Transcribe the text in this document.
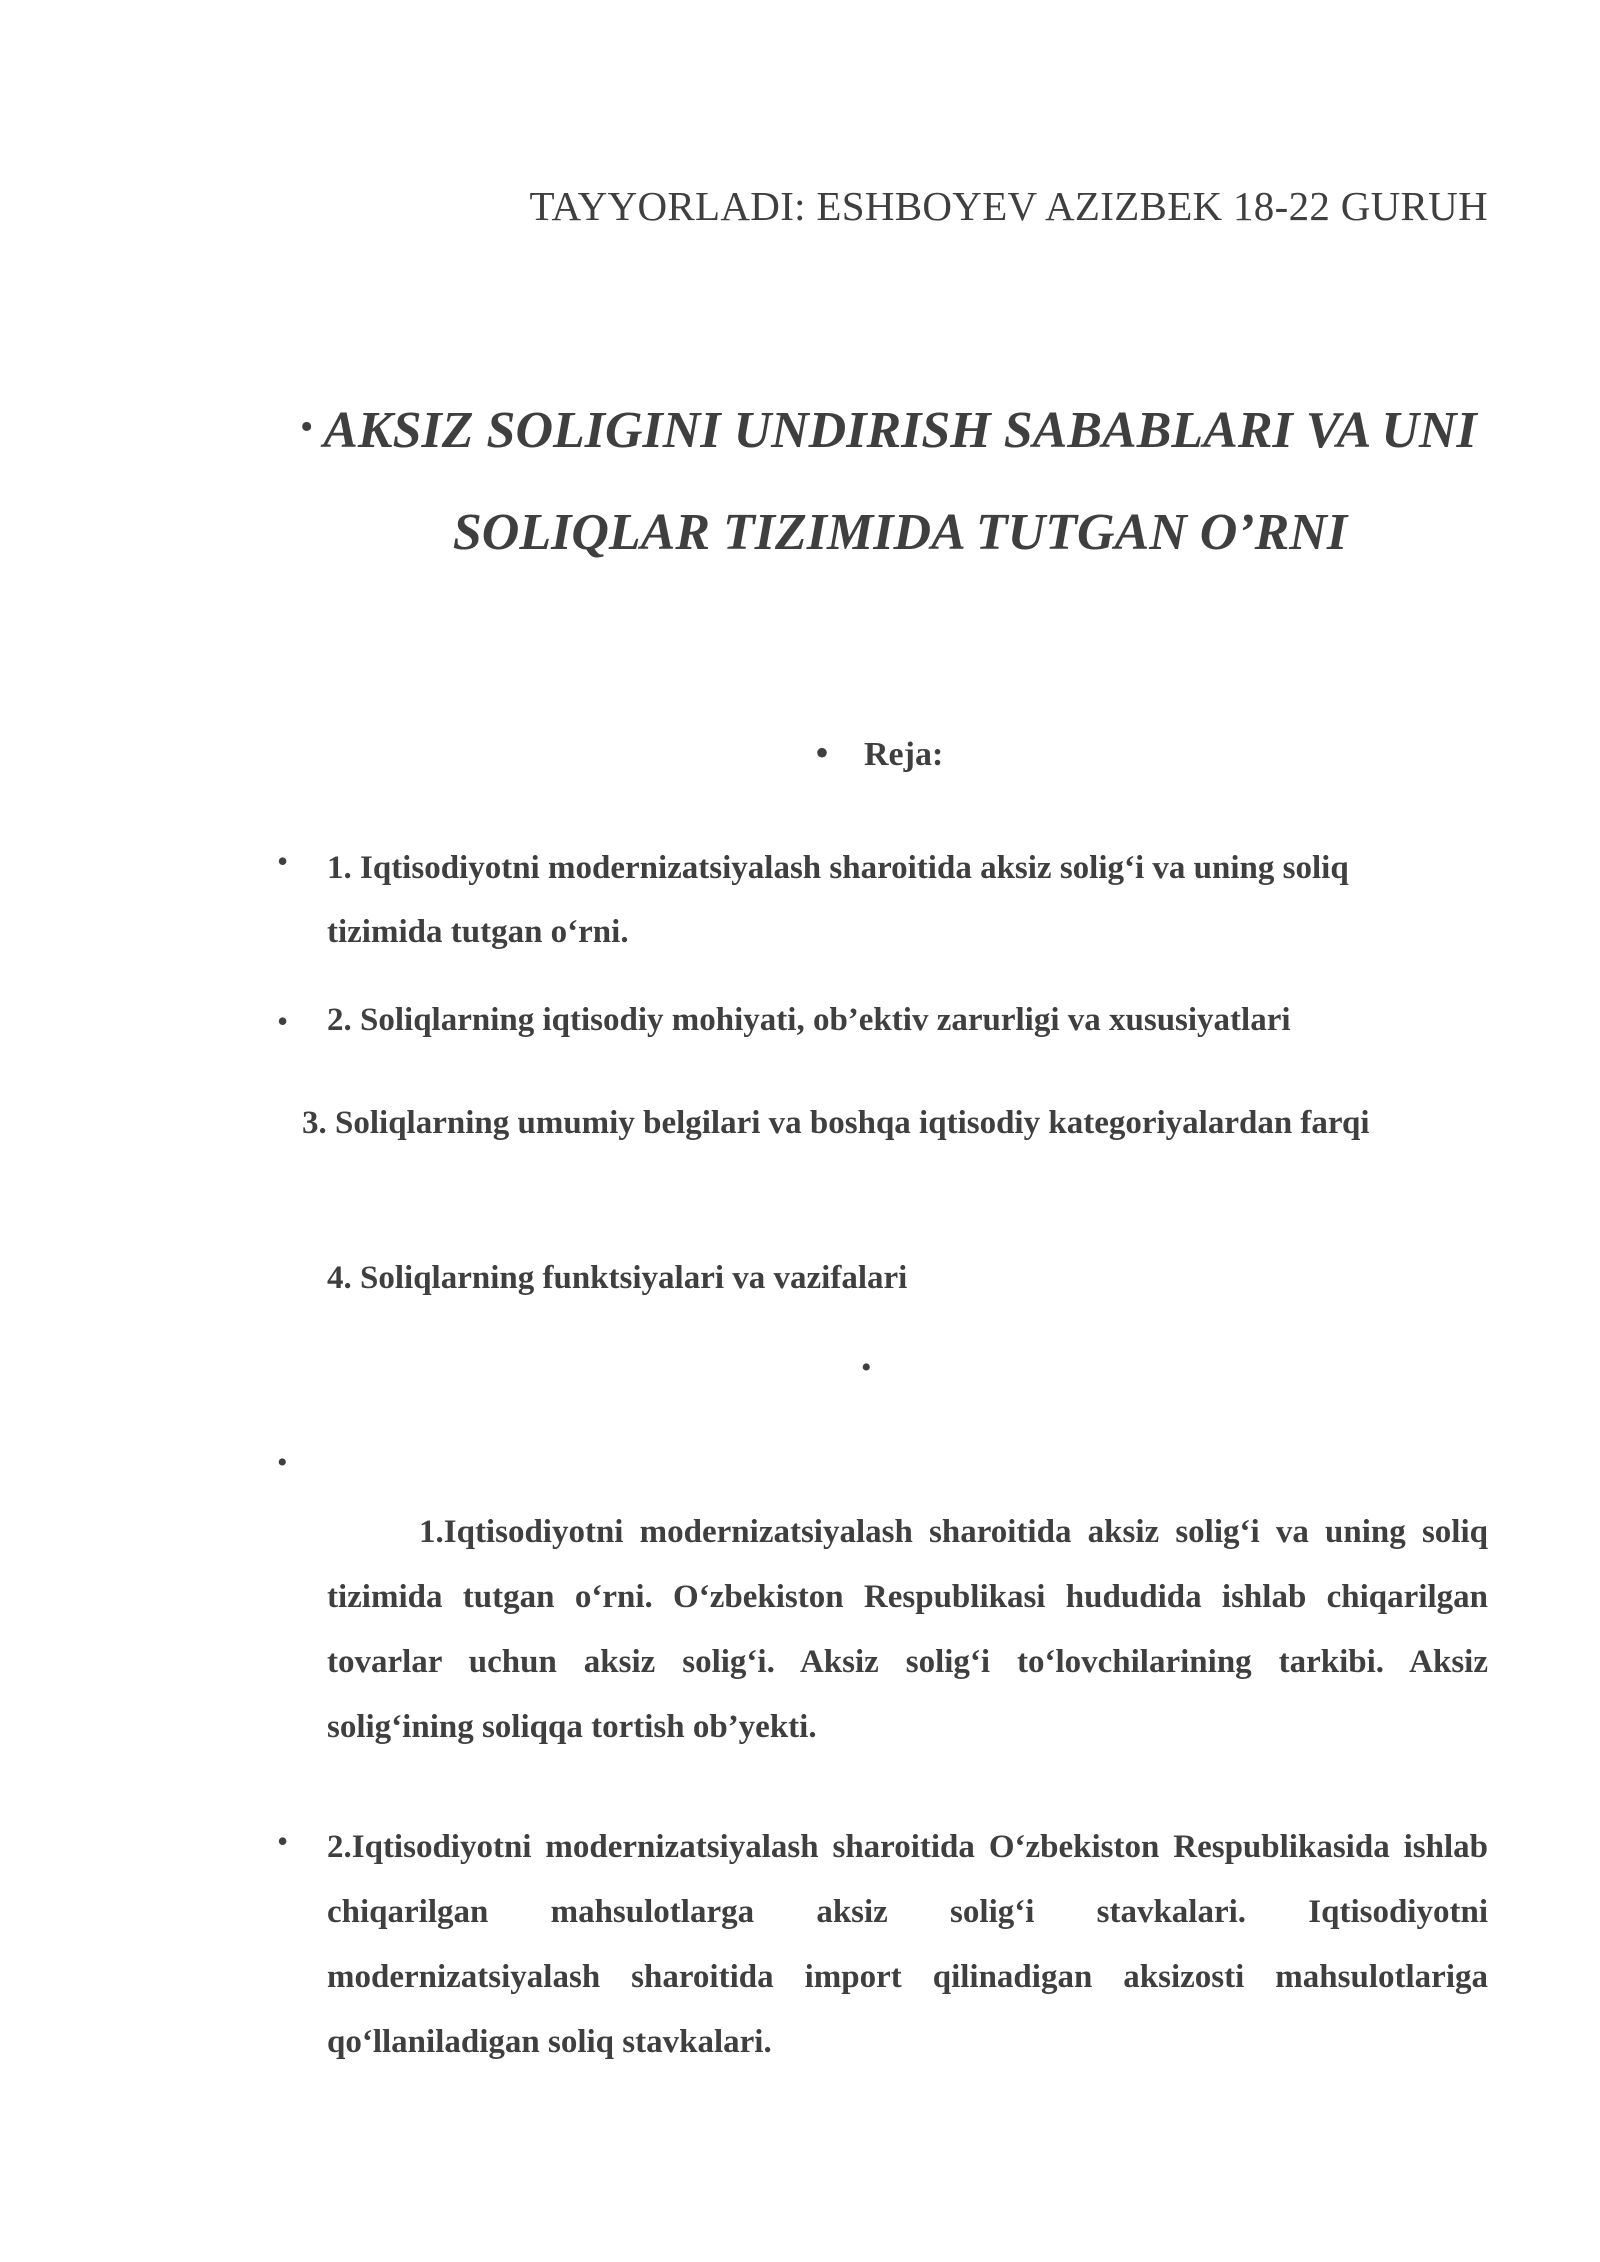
TAYYORLADI: ESHBOYEV AZIZBEK 18-22 GURUH
• AKSIZ SOLIGINI UNDIRISH SABABLARI VA UNI SOLIQLAR TIZIMIDA TUTGAN O’RNI
• Reja:
• 1. Iqtisodiyotni modernizatsiyalash sharoitida aksiz solig‘i va uning soliq tizimida tutgan o‘rni.
• 2. Soliqlarning iqtisodiy mohiyati, ob’ektiv zarurligi va xususiyatlari
3. Soliqlarning umumiy belgilari va boshqa iqtisodiy kategoriyalardan farqi
4. Soliqlarning funktsiyalari va vazifalari
•
•
1.Iqtisodiyotni modernizatsiyalash sharoitida aksiz solig‘i va uning soliq tizimida tutgan o‘rni. O‘zbekiston Respublikasi hududida ishlab chiqarilgan tovarlar uchun aksiz solig‘i. Aksiz solig‘i to‘lovchilarining tarkibi. Aksiz solig‘ining soliqqa tortish ob’yekti.
• 2.Iqtisodiyotni modernizatsiyalash sharoitida O‘zbekiston Respublikasida ishlab chiqarilgan mahsulotlarga aksiz solig‘i stavkalari. Iqtisodiyotni modernizatsiyalash sharoitida import qilinadigan aksizosti mahsulotlariga qo‘llaniladigan soliq stavkalari.
